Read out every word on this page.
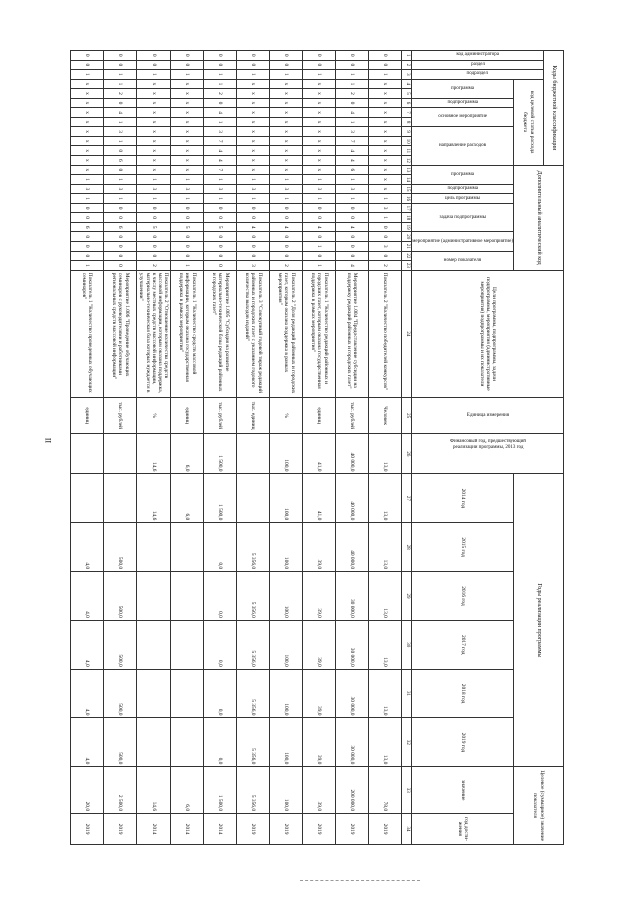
II
Коды бюджетной классификации												Дополнительный аналитический код											Цели программы, подпрограммы, задачи подпрограммы, мероприятия (административные мероприятия) подпрограммы и их показатели	Единица измерения	Финансовый год, предшествующий реализации программы, 2013 год	Годы реализации программы						Целевое (суммарное) значение показателя	

код администратора	раздел	подраздел	код целевой статьи расхода бюджета																														

			программа		подпрограмма	основное мероприятие		направление расходов				программа		подпрограмма	цель программы	задача подпрограммы			мероприятие (административное мероприятие)		номер показателя					2014 год	2015 год	2016 год	2017 год	2018 год	2019 год	значение	год дости- жения
1	2	3	4	5	6	7	8	9	10	11	12	13	14	15	16	17	18	19	20	21	22	23	24	25	26	27	28	29	30	31	32	33	34
0	0	1	х	х	х	х	х	х	х	х	х	х	х	х	1	3	1	0	0	3	0	2	Показатель 2 "Количество победителей конкурсов"	Человек	13,0	13,0	13,0	13,0	13,0	13,0	13,0	78,0	2019
0	0	1	1	2	0	4	1	3	7	4	4	6	1	3	1	0	0	4	0	0	0	4	Мероприятие 1.004 "Предоставление субсидии на поддержку редакций районных и городских газет"	тыс. рублей	40 000,0	40 000,0	40 000,0	30 000,0	30 000,0	30 000,0	30 000,0	200 000,0	2019
0	0	1	х	х	х	х	х	х	х	х	х	х	1	3	1	0	0	4	0	1	0	1	Показатель 1 "Количество редакций районных и городских газет, которым оказана государственная поддержка в рамках мероприятия"	единиц	41,0	41,0	39,0	39,0	39,0	39,0	39,0	39,0	2019
0	0	1	х	х	х	х	х	х	х	х	х	х	1	3	1	0	0	4	0	0	0	2	Показатель 2 "Доля редакций районных и городских газет, которым оказана поддержка в рамках мероприятия"	%	100,0	100,0	100,0	100,0	100,0	100,0	100,0	100,0	2019
0	0	1	х	х	х	х	х	х	х	х	х	х	1	3	1	0	0	4	0	0	0	3	Показатель 3 "Совокупный годовой тираж редакций районных и городских газет с указанием годового количества выходов изданий"	тыс. единиц			5 356,0	5 356,0	5 356,0	5 356,0	5 356,0	5 356,0	2019
0	0	1	1	2	0	4	1	3	7	4	4	7	1	3	1	0	0	5	0	0	0	0	Мероприятие 1.005 "Субсидия на развитие материально-технической базы редакций районных и городских газет"	тыс. рублей	1 500,0	1 500,0	0,0	0,0	0,0	0,0	0,0	1 500,0	2014
0	0	1	х	х	х	х	х	х	х	х	х	х	1	3	1	0	0	5	0	0	0	1	Показатель 1 "Количество средств массовой информации, которым оказана государственная поддержка в рамках мероприятия"	единиц	6,0	6,0						6,0	2014
0	0	1	х	х	х	х	х	х	х	х	х	х	1	3	1	0	0	5	0	0	0	2	Показатель 2 "Отношение количества средств массовой информации, которым оказана поддержка, к числу местных средств массовой информации, материально-техническая база которых нуждается в улучшении"	%	14,6	14,6						14,6	2014
0	0	1	1	2	0	4	1	3	1	0	6	0	1	3	1	0	0	6	0	0	0	0	Мероприятие 1.006 "Проведение обучающих семинаров с руководителями и работниками региональных средств массовой информации"	тыс. рублей			500,0	500,0	500,0	500,0	500,0	2 500,0	2019
0	0	1	х	х	х	х	х	х	х	х	х	х	1	3	1	0	0	6	0	0	0	1	Показатель 1 "Количество проведенных обучающих семинаров"	единиц			4,0	4,0	4,0	4,0	4,0	20,0	2019
